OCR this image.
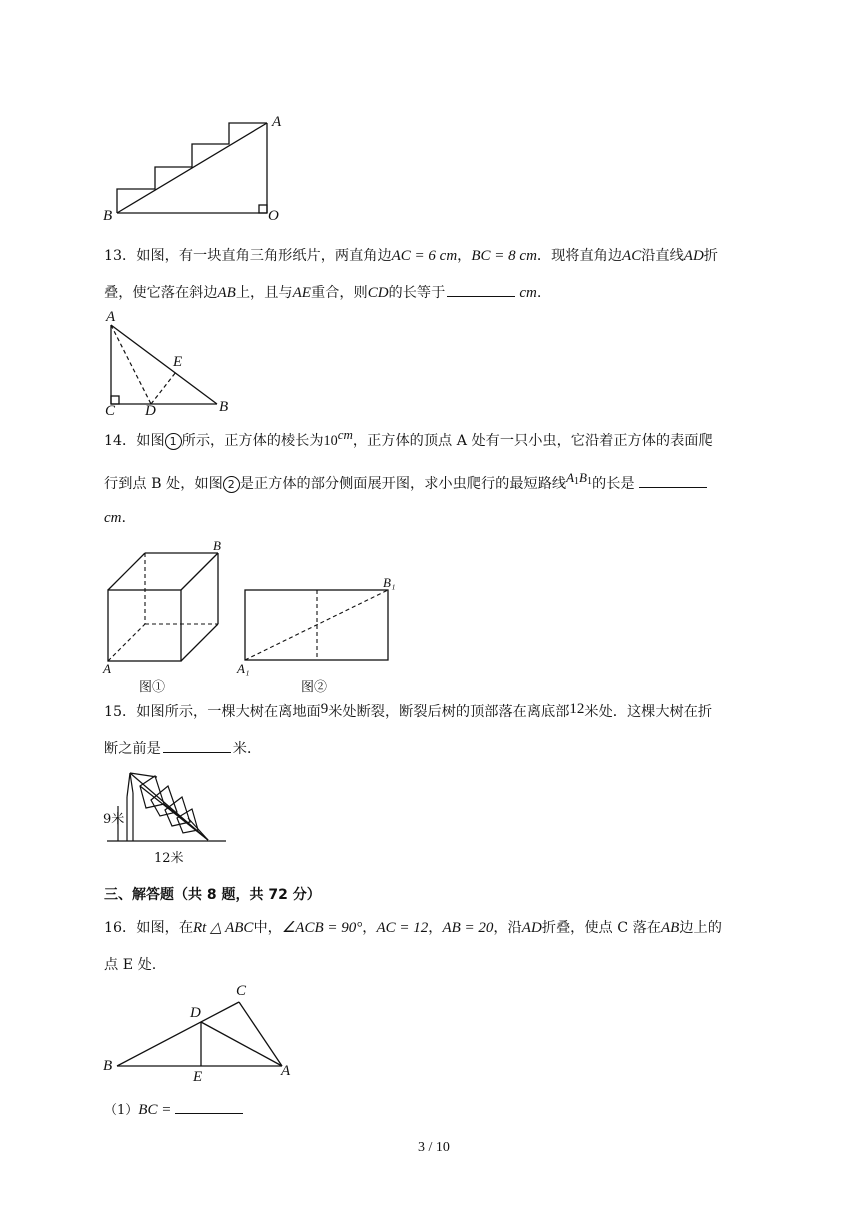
A
B	O
13．如图，有一块直角三角形纸片，两直角边AC = 6 cm，BC = 8 cm．现将直角边AC沿直线AD折
叠，使它落在斜边AB上，且与AE重合，则CD的长等于	cm.
A
E
C D	B
14．如图 1 所示，正方体的棱长为10cm，正方体的顶点 A 处有一只小虫，它沿着正方体的表面爬
行到点 B 处，如图 2 是正方体的部分侧面展开图，求小虫爬行的最短路线$A^1B^1$的长是
cm.
B
A
图①
B₁
A₁
图②
15．如图所示，一棵大树在离地面9米处断裂，断裂后树的顶部落在离底部12米处．这棵大树在折
断之前是	米．
9米
12米
三、解答题（共 8 题，共 72 分）
16．如图，在Rt △ ABC中，∠ACB = 90°，AC = 12，AB = 20，沿AD折叠，使点 C 落在AB边上的
点 E 处.
C
D
B
E	A
（1）BC =
3 / 10
